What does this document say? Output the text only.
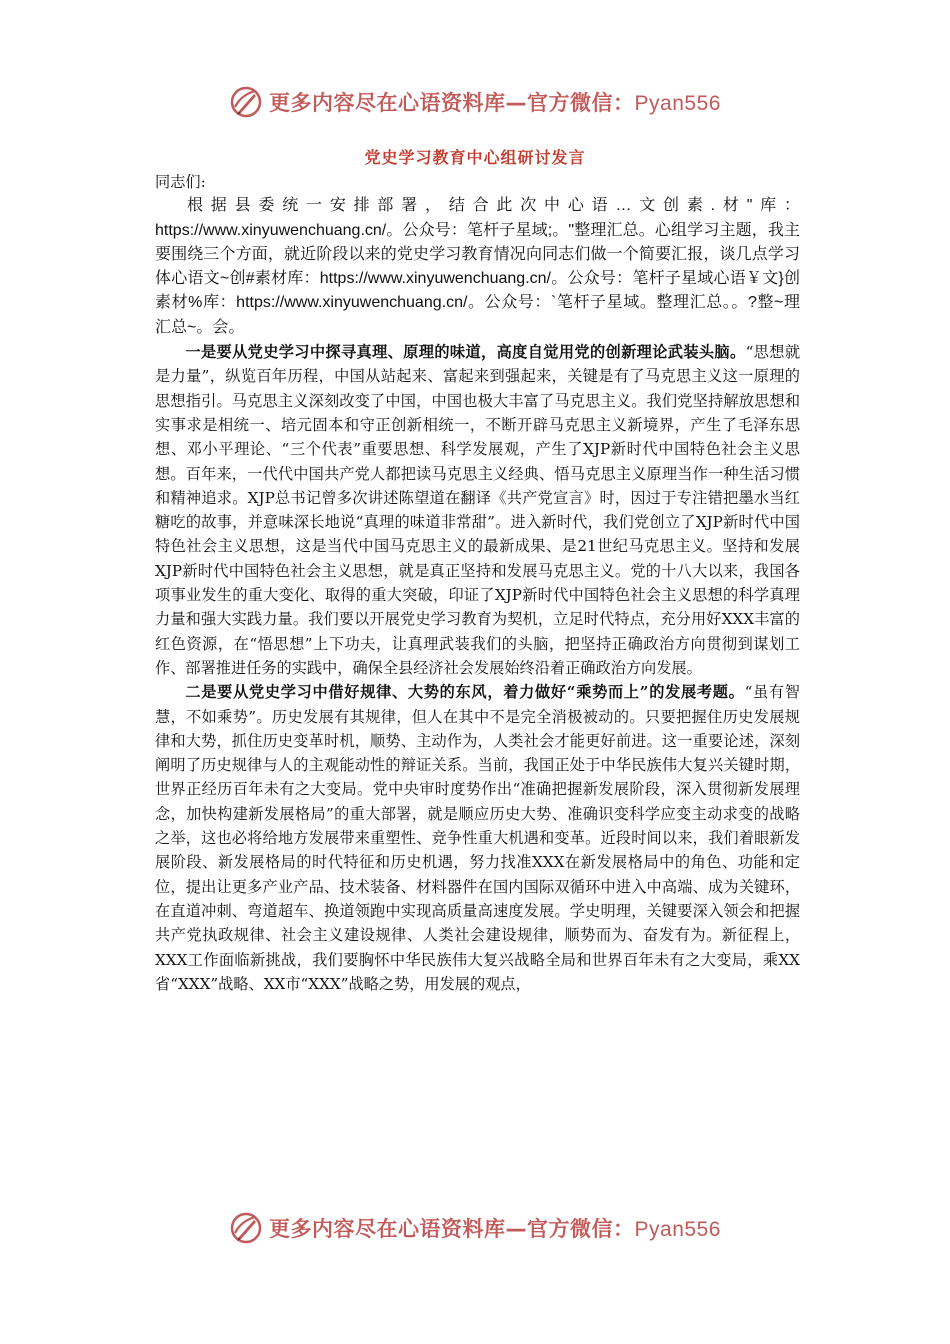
更多内容尽在心语资料库—官方微信：Pyan556
党史学习教育中心组研讨发言

同志们:

根据县委统一安排部署，结合此次中心语…文创素.材"库：https://www.xinyuwenchuang.cn/。公众号：笔杆子星域;。"整理汇总。心组学习主题，我主要围绕三个方面，就近阶段以来的党史学习教育情况向同志们做一个简要汇报，谈几点学习体心语文~创#素材库：https://www.xinyuwenchuang.cn/。公众号：笔杆子星域心语￥文}创素材%库：https://www.xinyuwenchuang.cn/。公众号：`笔杆子星域。整理汇总。。?整~理汇总~。会。

一是要从党史学习中探寻真理、原理的味道，高度自觉用党的创新理论武装头脑。“思想就是力量”，纵览百年历程，中国从站起来、富起来到强起来，关键是有了马克思主义这一原理的思想指引。马克思主义深刻改变了中国，中国也极大丰富了马克思主义。我们党坚持解放思想和实事求是相统一、培元固本和守正创新相统一，不断开辟马克思主义新境界，产生了毛泽东思想、邓小平理论、“三个代表”重要思想、科学发展观，产生了XJP新时代中国特色社会主义思想。百年来，一代代中国共产党人都把读马克思主义经典、悟马克思主义原理当作一种生活习惯和精神追求。XJP总书记曾多次讲述陈望道在翻译《共产党宣言》时，因过于专注错把墨水当红糖吃的故事，并意味深长地说“真理的味道非常甜”。进入新时代，我们党创立了XJP新时代中国特色社会主义思想，这是当代中国马克思主义的最新成果、是21世纪马克思主义。坚持和发展XJP新时代中国特色社会主义思想，就是真正坚持和发展马克思主义。党的十八大以来，我国各项事业发生的重大变化、取得的重大突破，印证了XJP新时代中国特色社会主义思想的科学真理力量和强大实践力量。我们要以开展党史学习教育为契机，立足时代特点，充分用好XXX丰富的红色资源，在“悟思想”上下功夫，让真理武装我们的头脑，把坚持正确政治方向贯彻到谋划工作、部署推进任务的实践中，确保全县经济社会发展始终沿着正确政治方向发展。

二是要从党史学习中借好规律、大势的东风，着力做好“乘势而上”的发展考题。“虽有智慧，不如乘势”。历史发展有其规律，但人在其中不是完全消极被动的。只要把握住历史发展规律和大势，抓住历史变革时机，顺势、主动作为，人类社会才能更好前进。这一重要论述，深刻阐明了历史规律与人的主观能动性的辩证关系。当前，我国正处于中华民族伟大复兴关键时期，世界正经历百年未有之大变局。党中央审时度势作出“准确把握新发展阶段，深入贯彻新发展理念，加快构建新发展格局”的重大部署，就是顺应历史大势、准确识变科学应变主动求变的战略之举，这也必将给地方发展带来重塑性、竞争性重大机遇和变革。近段时间以来，我们着眼新发展阶段、新发展格局的时代特征和历史机遇，努力找准XXX在新发展格局中的角色、功能和定位，提出让更多产业产品、技术装备、材料器件在国内国际双循环中进入中高端、成为关键环，在直道冲刺、弯道超车、换道领跑中实现高质量高速度发展。学史明理，关键要深入领会和把握共产党执政规律、社会主义建设规律、人类社会建设规律，顺势而为、奋发有为。新征程上，XXX工作面临新挑战，我们要胸怀中华民族伟大复兴战略全局和世界百年未有之大变局，乘XX省“XXX”战略、XX市“XXX”战略之势，用发展的观点，

更多内容尽在心语资料库—官方微信：Pyan556
